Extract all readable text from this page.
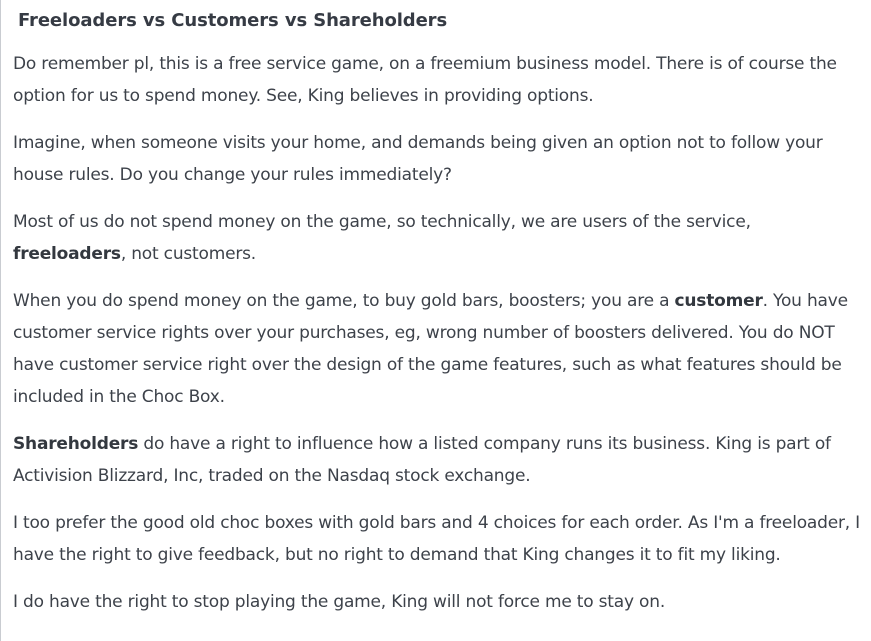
Freeloaders vs Customers vs Shareholders

Do remember pl, this is a free service game, on a freemium business model. There is of course the option for us to spend money. See, King believes in providing options.

Imagine, when someone visits your home, and demands being given an option not to follow your house rules. Do you change your rules immediately?

Most of us do not spend money on the game, so technically, we are users of the service, freeloaders, not customers.

When you do spend money on the game, to buy gold bars, boosters; you are a customer. You have customer service rights over your purchases, eg, wrong number of boosters delivered. You do NOT have customer service right over the design of the game features, such as what features should be included in the Choc Box.

Shareholders do have a right to influence how a listed company runs its business. King is part of Activision Blizzard, Inc, traded on the Nasdaq stock exchange.

I too prefer the good old choc boxes with gold bars and 4 choices for each order. As I'm a freeloader, I have the right to give feedback, but no right to demand that King changes it to fit my liking.

I do have the right to stop playing the game, King will not force me to stay on.
